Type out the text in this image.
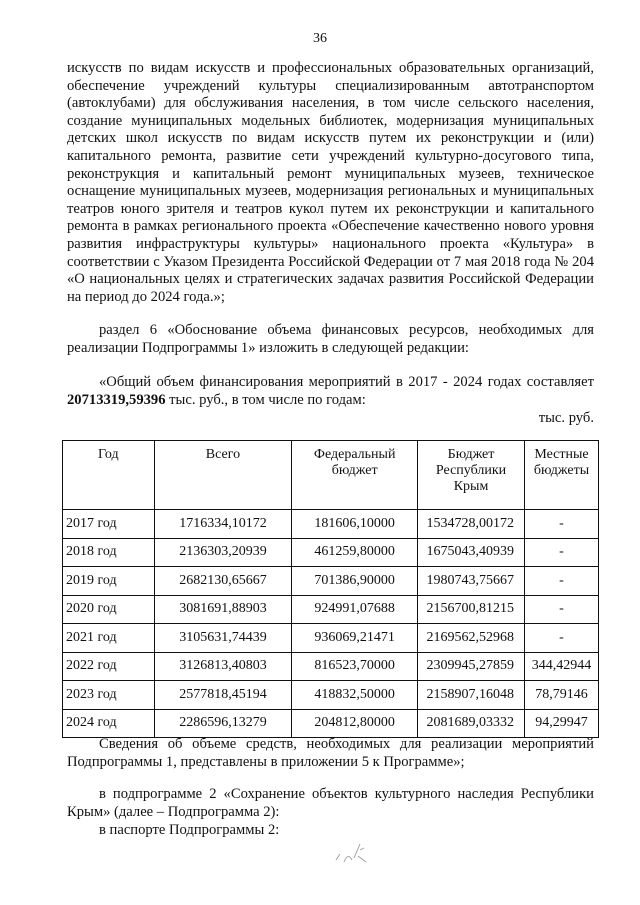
36
искусств по видам искусств и профессиональных образовательных организаций, обеспечение учреждений культуры специализированным автотранспортом (автоклубами) для обслуживания населения, в том числе сельского населения, создание муниципальных модельных библиотек, модернизация муниципальных детских школ искусств по видам искусств путем их реконструкции и (или) капитального ремонта, развитие сети учреждений культурно-досугового типа, реконструкция и капитальный ремонт муниципальных музеев, техническое оснащение муниципальных музеев, модернизация региональных и муниципальных театров юного зрителя и театров кукол путем их реконструкции и капитального ремонта в рамках регионального проекта «Обеспечение качественно нового уровня развития инфраструктуры культуры» национального проекта «Культура» в соответствии с Указом Президента Российской Федерации от 7 мая 2018 года № 204 «О национальных целях и стратегических задачах развития Российской Федерации на период до 2024 года.»;
раздел 6 «Обоснование объема финансовых ресурсов, необходимых для реализации Подпрограммы 1» изложить в следующей редакции:
«Общий объем финансирования мероприятий в 2017 - 2024 годах составляет 20713319,59396 тыс. руб., в том числе по годам:
тыс. руб.
Год	Всего	Федеральный бюджет	Бюджет Республики Крым	Местные бюджеты
2017 год	1716334,10172	181606,10000	1534728,00172	-
2018 год	2136303,20939	461259,80000	1675043,40939	-
2019 год	2682130,65667	701386,90000	1980743,75667	-
2020 год	3081691,88903	924991,07688	2156700,81215	-
2021 год	3105631,74439	936069,21471	2169562,52968	-
2022 год	3126813,40803	816523,70000	2309945,27859	344,42944
2023 год	2577818,45194	418832,50000	2158907,16048	78,79146
2024 год	2286596,13279	204812,80000	2081689,03332	94,29947
Сведения об объеме средств, необходимых для реализации мероприятий Подпрограммы 1, представлены в приложении 5 к Программе»;
в подпрограмме 2 «Сохранение объектов культурного наследия Республики Крым» (далее – Подпрограмма 2):
в паспорте Подпрограммы 2:
